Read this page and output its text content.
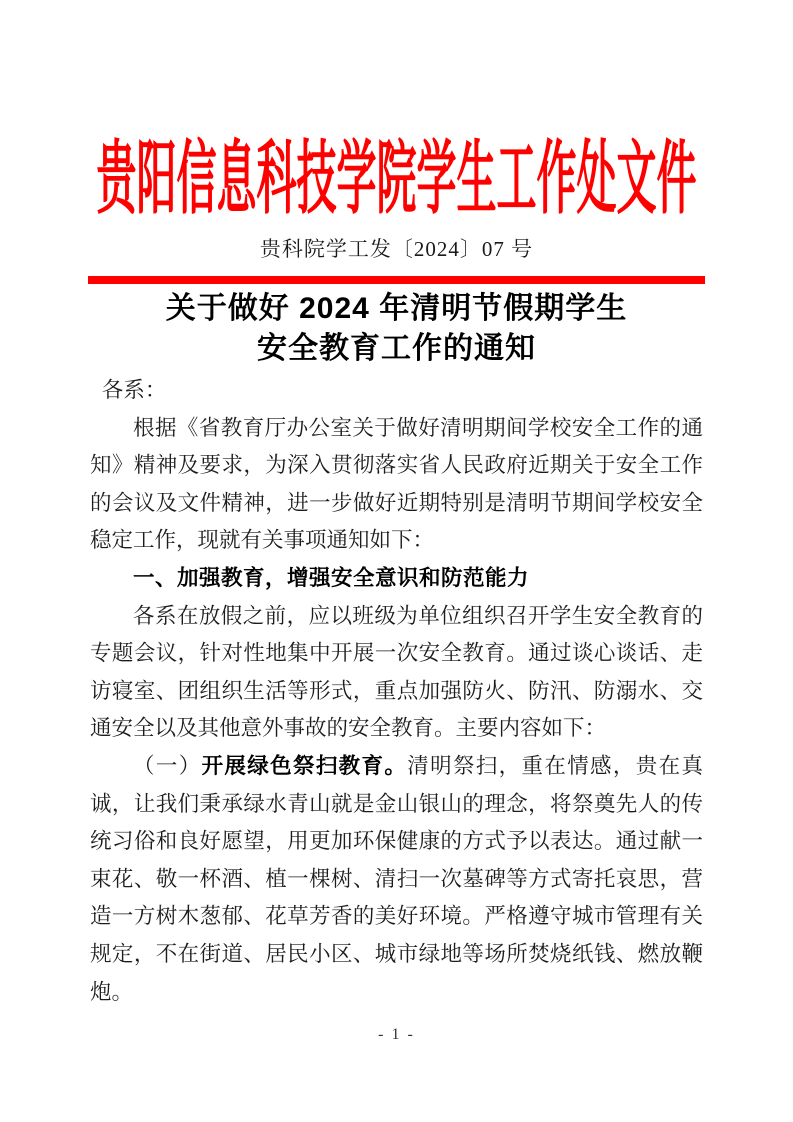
贵阳信息科技学院学生工作处文件
贵科院学工发〔2024〕07 号
关于做好 2024 年清明节假期学生
安全教育工作的通知

各系：

根据《省教育厅办公室关于做好清明期间学校安全工作的通知》精神及要求，为深入贯彻落实省人民政府近期关于安全工作的会议及文件精神，进一步做好近期特别是清明节期间学校安全稳定工作，现就有关事项通知如下：

一、加强教育，增强安全意识和防范能力

各系在放假之前，应以班级为单位组织召开学生安全教育的专题会议，针对性地集中开展一次安全教育。通过谈心谈话、走访寝室、团组织生活等形式，重点加强防火、防汛、防溺水、交通安全以及其他意外事故的安全教育。主要内容如下：

（一）开展绿色祭扫教育。清明祭扫，重在情感，贵在真诚，让我们秉承绿水青山就是金山银山的理念，将祭奠先人的传统习俗和良好愿望，用更加环保健康的方式予以表达。通过献一束花、敬一杯酒、植一棵树、清扫一次墓碑等方式寄托哀思，营造一方树木葱郁、花草芳香的美好环境。严格遵守城市管理有关规定，不在街道、居民小区、城市绿地等场所焚烧纸钱、燃放鞭炮。

- 1 -
